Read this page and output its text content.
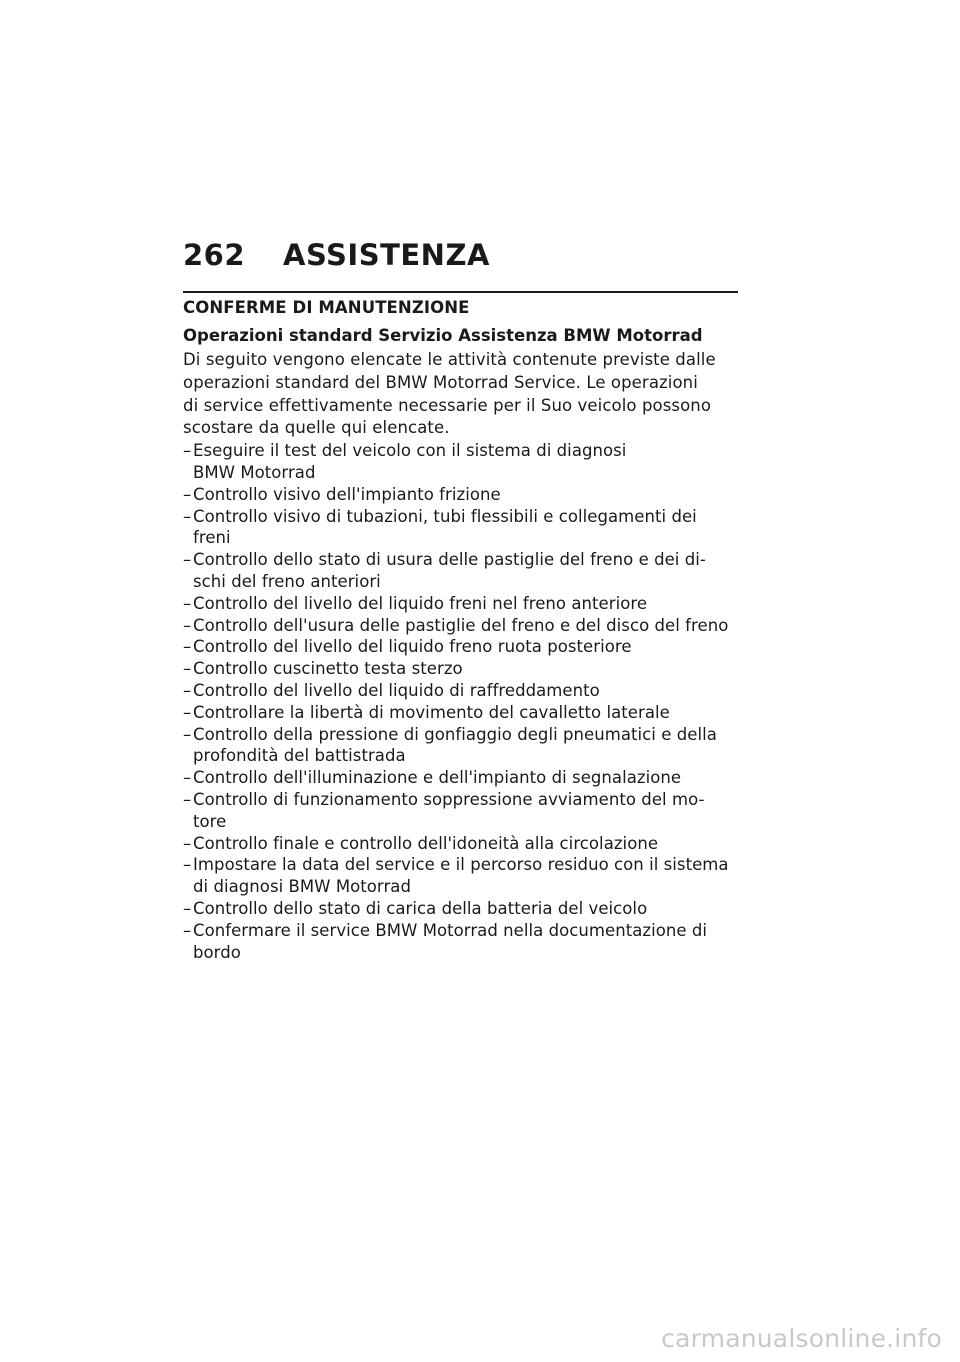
262	ASSISTENZA
CONFERME DI MANUTENZIONE
Operazioni standard Servizio Assistenza BMW Motorrad
Di seguito vengono elencate le attività contenute previste dalle
operazioni standard del BMW Motorrad Service. Le operazioni
di service effettivamente necessarie per il Suo veicolo possono
scostare da quelle qui elencate.
– Eseguire il test del veicolo con il sistema di diagnosi
BMW Motorrad
– Controllo visivo dell'impianto frizione
– Controllo visivo di tubazioni, tubi flessibili e collegamenti dei
freni
– Controllo dello stato di usura delle pastiglie del freno e dei di-
schi del freno anteriori
– Controllo del livello del liquido freni nel freno anteriore
– Controllo dell'usura delle pastiglie del freno e del disco del freno
– Controllo del livello del liquido freno ruota posteriore
– Controllo cuscinetto testa sterzo
– Controllo del livello del liquido di raffreddamento
– Controllare la libertà di movimento del cavalletto laterale
– Controllo della pressione di gonfiaggio degli pneumatici e della
profondità del battistrada
– Controllo dell'illuminazione e dell'impianto di segnalazione
– Controllo di funzionamento soppressione avviamento del mo-
tore
– Controllo finale e controllo dell'idoneità alla circolazione
– Impostare la data del service e il percorso residuo con il sistema
di diagnosi BMW Motorrad
– Controllo dello stato di carica della batteria del veicolo
– Confermare il service BMW Motorrad nella documentazione di
bordo
carmanualsonline.info
